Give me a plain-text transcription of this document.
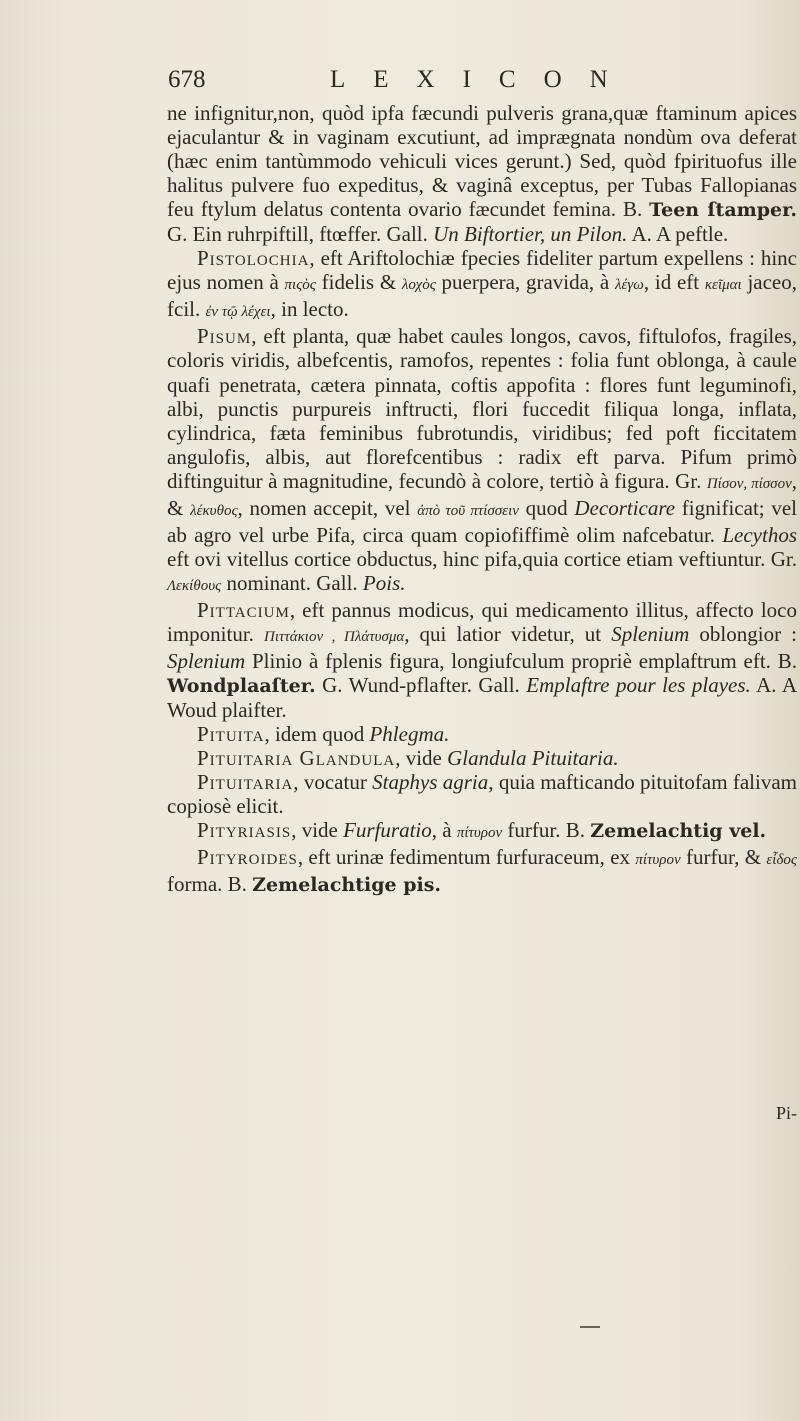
678	LEXICON

ne infignitur,non, quòd ipfa fæcundi pulveris grana,quæ ftaminum apices ejaculantur & in vaginam excutiunt, ad imprægnata nondùm ova deferat (hæc enim tantùmmodo vehiculi vices gerunt.) Sed, quòd fpirituofus ille halitus pulvere fuo expeditus, & vaginâ exceptus, per Tubas Fallopianas feu ftylum delatus contenta ovario fæcundet femina. B. Teen ſtamper. G. Ein ruhrpiftill, ftœffer. Gall. Un Biftortier, un Pilon. A. A peftle.

Pistolochia, eft Ariftolochiæ fpecies fideliter partum expellens : hinc ejus nomen à πιςὸς fidelis & λοχὸς puerpera, gravida, à λέγω, id eft κεῖμαι jaceo, fcil. ἐν τῷ λέχει, in lecto.

Pisum, eft planta, quæ habet caules longos, cavos, fiftulofos, fragiles, coloris viridis, albefcentis, ramofos, repentes : folia funt oblonga, à caule quafi penetrata, cætera pinnata, coftis appofita : flores funt leguminofi, albi, punctis purpureis inftructi, flori fuccedit filiqua longa, inflata, cylindrica, fæta feminibus fubrotundis, viridibus; fed poft ficcitatem angulofis, albis, aut florefcentibus : radix eft parva. Pifum primò diftinguitur à magnitudine, fecundò à colore, tertiò à figura. Gr. Πίσον, πίσσον, & λέκυθος, nomen accepit, vel ἀπὸ τοῦ πτίσσειν quod Decorticare fignificat; vel ab agro vel urbe Pifa, circa quam copiofiffimè olim nafcebatur. Lecythos eft ovi vitellus cortice obductus, hinc pifa,quia cortice etiam veftiuntur. Gr. Λεκίθους nominant. Gall. Pois.

Pittacium, eft pannus modicus, qui medicamento illitus, affecto loco imponitur. Πιττάκιον , Πλάτυσμα, qui latior videtur, ut Splenium oblongior : Splenium Plinio à fplenis figura, longiufculum propriè emplaftrum eft. B. Wondplaaſter. G. Wund-pflafter. Gall. Emplaftre pour les playes. A. A Woud plaifter.

Pituita, idem quod Phlegma.

Pituitaria Glandula, vide Glandula Pituitaria.

Pituitaria, vocatur Staphys agria, quia mafticando pituitofam falivam copiosè elicit.

Pityriasis, vide Furfuratio, à πίτυρον furfur. B. Zemelachtig vel.

Pityroides, eft urinæ fedimentum furfuraceum, ex πίτυρον furfur, & εἶδος forma. B. Zemelachtige pis.

Pi-
